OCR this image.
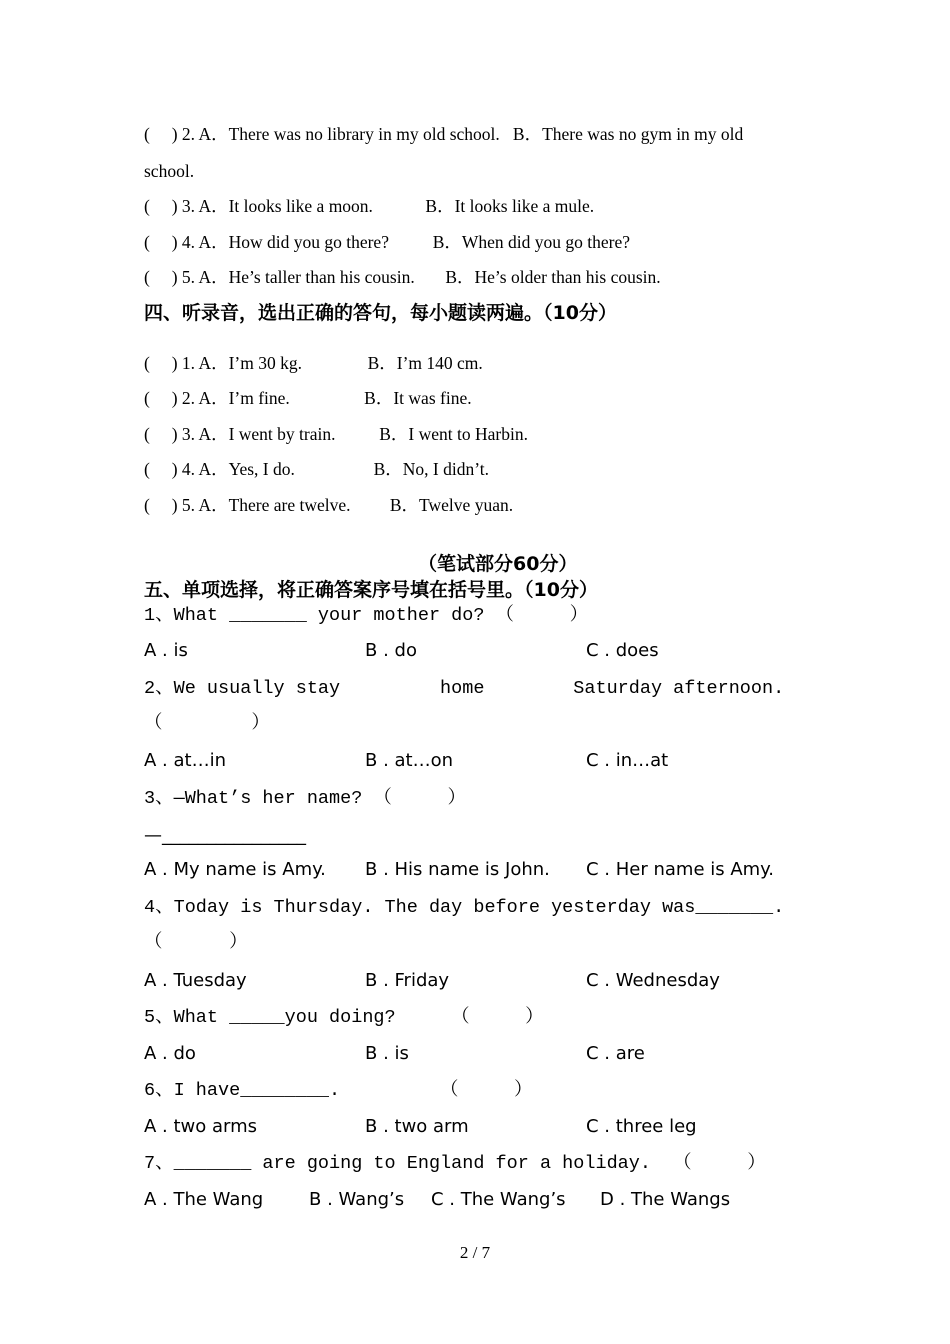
(     ) 2. A．There was no library in my old school.   B．There was no gym in my old
school.
(     ) 3. A．It looks like a moon.            B．It looks like a mule.
(     ) 4. A．How did you go there?          B．When did you go there?
(     ) 5. A．He’s taller than his cousin.       B．He’s older than his cousin.
四、听录音，选出正确的答句，每小题读两遍。（10分）
(     ) 1. A．I’m 30 kg.               B．I’m 140 cm.
(     ) 2. A．I’m fine.                 B．It was fine.
(     ) 3. A．I went by train.          B．I went to Harbin.
(     ) 4. A．Yes, I do.                  B．No, I didn’t.
(     ) 5. A．There are twelve.         B．Twelve yuan.
（笔试部分60分）
五、单项选择，将正确答案序号填在括号里。（10分）
1、What _______ your mother do? （     ）
A . is	B . do	C . does
2、We usually stay         home        Saturday afternoon.
（        ）
A . at…in	B . at…on	C . in…at
3、—What’s her name? （     ）
—________________
A . My name is Amy. B . His name is John. C . Her name is Amy.
4、Today is Thursday. The day before yesterday was_______.
（      ）
A . Tuesday	B . Friday	C . Wednesday
5、What _____you doing?     （     ）
A . do	B . is	C . are
6、I have________.         （     ）
A . two arms	B . two arm	C . three leg
7、_______ are going to England for a holiday.  （     ）
A . The Wang	B . Wang’s C . The Wang’s D . The Wangs
2 / 7
